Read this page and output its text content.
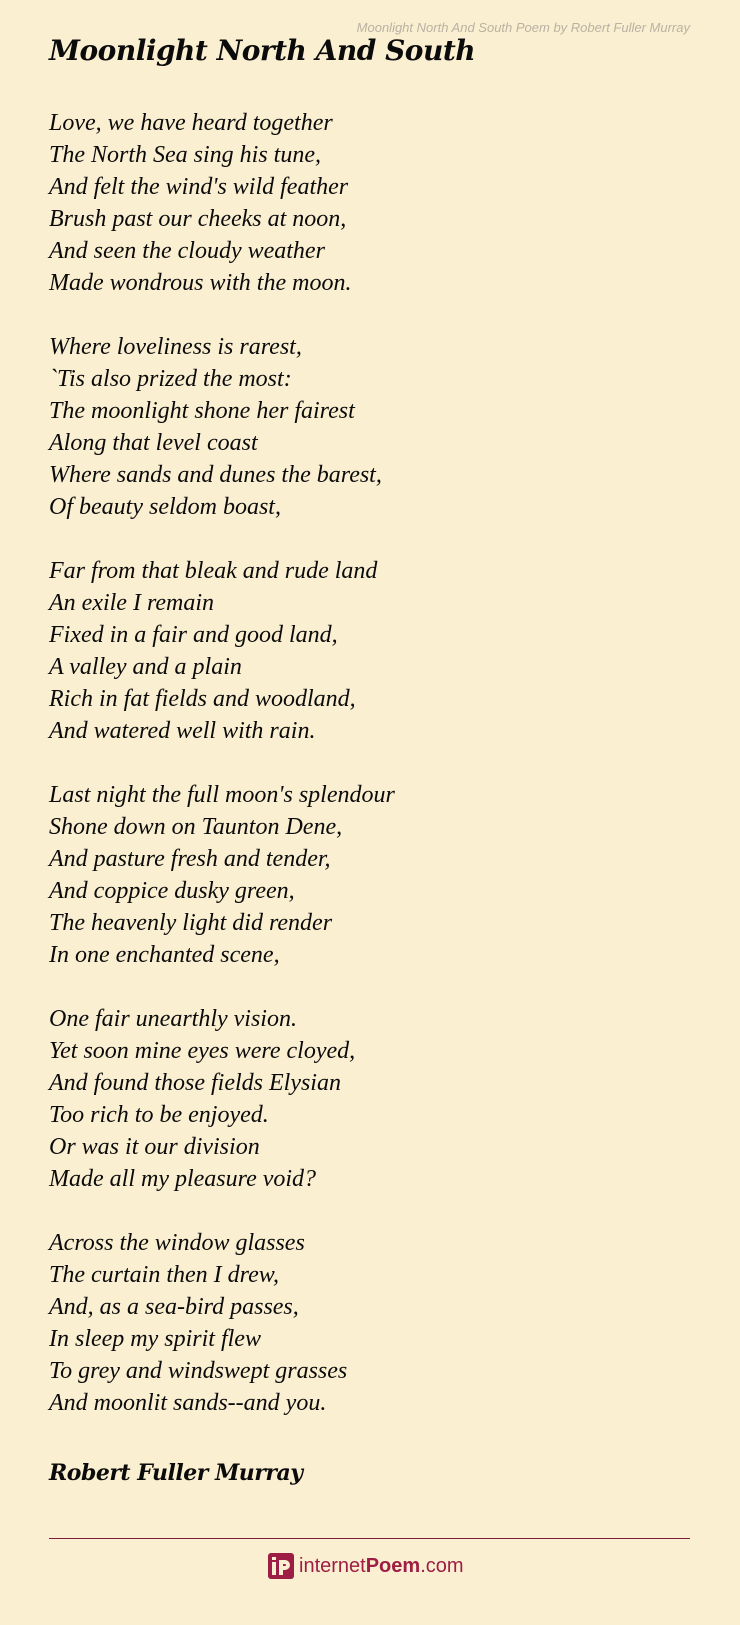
Moonlight North And South Poem by Robert Fuller Murray
Moonlight North And South
Love, we have heard together
The North Sea sing his tune,
And felt the wind's wild feather
Brush past our cheeks at noon,
And seen the cloudy weather
Made wondrous with the moon.
Where loveliness is rarest,
`Tis also prized the most:
The moonlight shone her fairest
Along that level coast
Where sands and dunes the barest,
Of beauty seldom boast,
Far from that bleak and rude land
An exile I remain
Fixed in a fair and good land,
A valley and a plain
Rich in fat fields and woodland,
And watered well with rain.
Last night the full moon's splendour
Shone down on Taunton Dene,
And pasture fresh and tender,
And coppice dusky green,
The heavenly light did render
In one enchanted scene,
One fair unearthly vision.
Yet soon mine eyes were cloyed,
And found those fields Elysian
Too rich to be enjoyed.
Or was it our division
Made all my pleasure void?
Across the window glasses
The curtain then I drew,
And, as a sea-bird passes,
In sleep my spirit flew
To grey and windswept grasses
And moonlit sands--and you.
Robert Fuller Murray
internetPoem.com
